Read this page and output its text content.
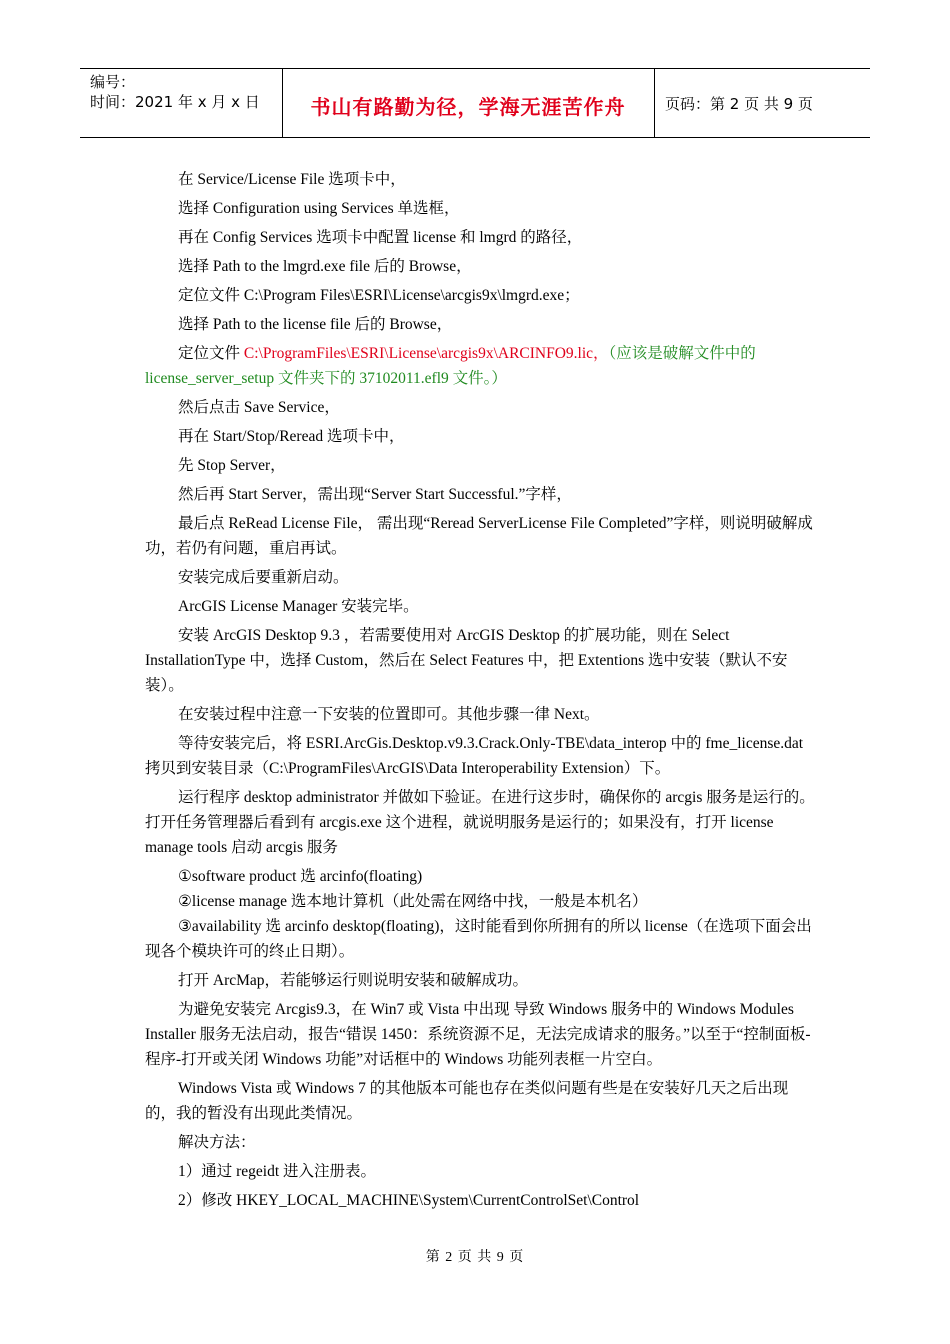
编号：
时间：2021 年 x 月 x 日	书山有路勤为径，学海无涯苦作舟	页码：第 2 页 共 9 页

在 Service/License File 选项卡中，

选择 Configuration using Services 单选框，

再在 Config Services 选项卡中配置 license 和 lmgrd 的路径，

选择 Path to the lmgrd.exe file 后的 Browse，

定位文件 C:\Program Files\ESRI\License\arcgis9x\lmgrd.exe；

选择 Path to the license file 后的 Browse，

定位文件 C:\ProgramFiles\ESRI\License\arcgis9x\ARCINFO9.lic，（应该是破解文件中的 license_server_setup 文件夹下的 37102011.efl9 文件。）

然后点击 Save Service，

再在 Start/Stop/Reread 选项卡中，

先 Stop Server，

然后再 Start Server，需出现“Server Start Successful.”字样，

最后点 ReRead License File， 需出现“Reread ServerLicense File Completed”字样，则说明破解成功，若仍有问题，重启再试。

安装完成后要重新启动。

ArcGIS License Manager 安装完毕。

安装 ArcGIS Desktop 9.3 ，若需要使用对 ArcGIS Desktop 的扩展功能，则在 Select InstallationType 中，选择 Custom，然后在 Select Features 中，把 Extentions 选中安装（默认不安装）。

在安装过程中注意一下安装的位置即可。其他步骤一律 Next。

等待安装完后，将 ESRI.ArcGis.Desktop.v9.3.Crack.Only-TBE\data_interop 中的 fme_license.dat 拷贝到安装目录（C:\ProgramFiles\ArcGIS\Data Interoperability Extension）下。

运行程序 desktop administrator 并做如下验证。在进行这步时，确保你的 arcgis 服务是运行的。打开任务管理器后看到有 arcgis.exe 这个进程，就说明服务是运行的；如果没有，打开 license manage tools 启动 arcgis 服务

①software product 选 arcinfo(floating)

②license manage 选本地计算机（此处需在网络中找，一般是本机名）

③availability 选 arcinfo desktop(floating)，这时能看到你所拥有的所以 license（在选项下面会出现各个模块许可的终止日期）。

打开 ArcMap，若能够运行则说明安装和破解成功。

为避免安装完 Arcgis9.3，在 Win7 或 Vista 中出现 导致 Windows 服务中的 Windows Modules Installer 服务无法启动，报告“错误 1450：系统资源不足，无法完成请求的服务。”以至于“控制面板-程序-打开或关闭 Windows 功能”对话框中的 Windows 功能列表框一片空白。

Windows Vista 或 Windows 7 的其他版本可能也存在类似问题有些是在安装好几天之后出现的，我的暂没有出现此类情况。

解决方法：

1）通过 regeidt 进入注册表。

2）修改 HKEY_LOCAL_MACHINE\System\CurrentControlSet\Control

第 2 页 共 9 页
